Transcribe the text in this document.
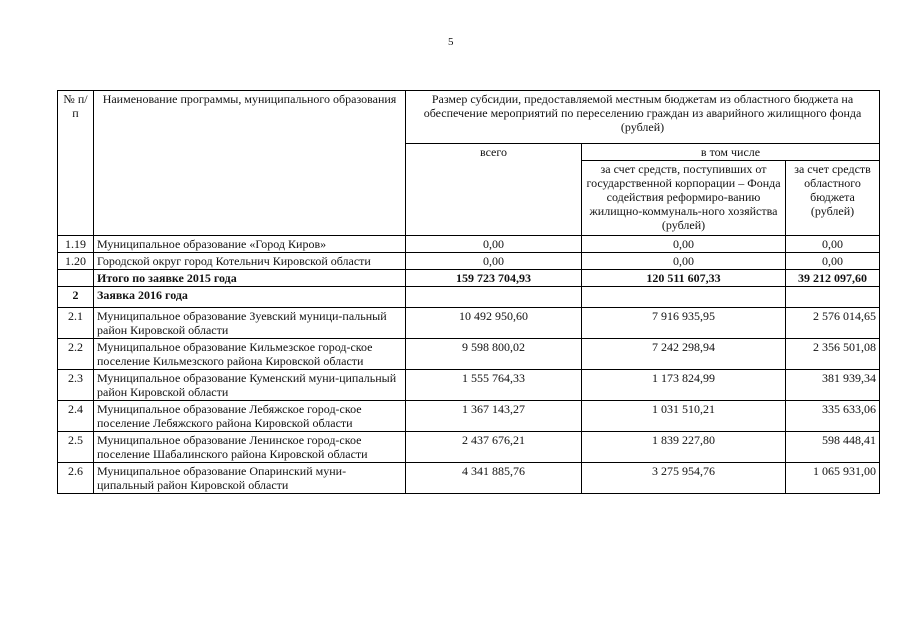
5
№ п/п	Наименование программы, муниципального образования	Размер субсидии, предоставляемой местным бюджетам из областного бюджета на обеспечение мероприятий по переселению граждан из аварийного жилищного фонда (рублей)		
		всего	в том числе	
			за счет средств, поступивших от государственной корпорации – Фонда содействия реформиро-ванию жилищно-коммуналь-ного хозяйства (рублей)	за счет средств областного бюджета (рублей)
1.19	Муниципальное образование «Город Киров»	0,00	0,00	0,00
1.20	Городской округ город Котельнич Кировской области	0,00	0,00	0,00
	Итого по заявке 2015 года	159 723 704,93	120 511 607,33	39 212 097,60
2	Заявка 2016 года			
2.1	Муниципальное образование Зуевский муници-пальный район Кировской области	10 492 950,60	7 916 935,95	2 576 014,65
2.2	Муниципальное образование Кильмезское город-ское поселение Кильмезского района Кировской области	9 598 800,02	7 242 298,94	2 356 501,08
2.3	Муниципальное образование Куменский муни-ципальный район Кировской области	1 555 764,33	1 173 824,99	381 939,34
2.4	Муниципальное образование Лебяжское город-ское поселение Лебяжского района Кировской области	1 367 143,27	1 031 510,21	335 633,06
2.5	Муниципальное образование Ленинское город-ское поселение Шабалинского района Кировской области	2 437 676,21	1 839 227,80	598 448,41
2.6	Муниципальное образование Опаринский муни-ципальный район Кировской области	4 341 885,76	3 275 954,76	1 065 931,00
